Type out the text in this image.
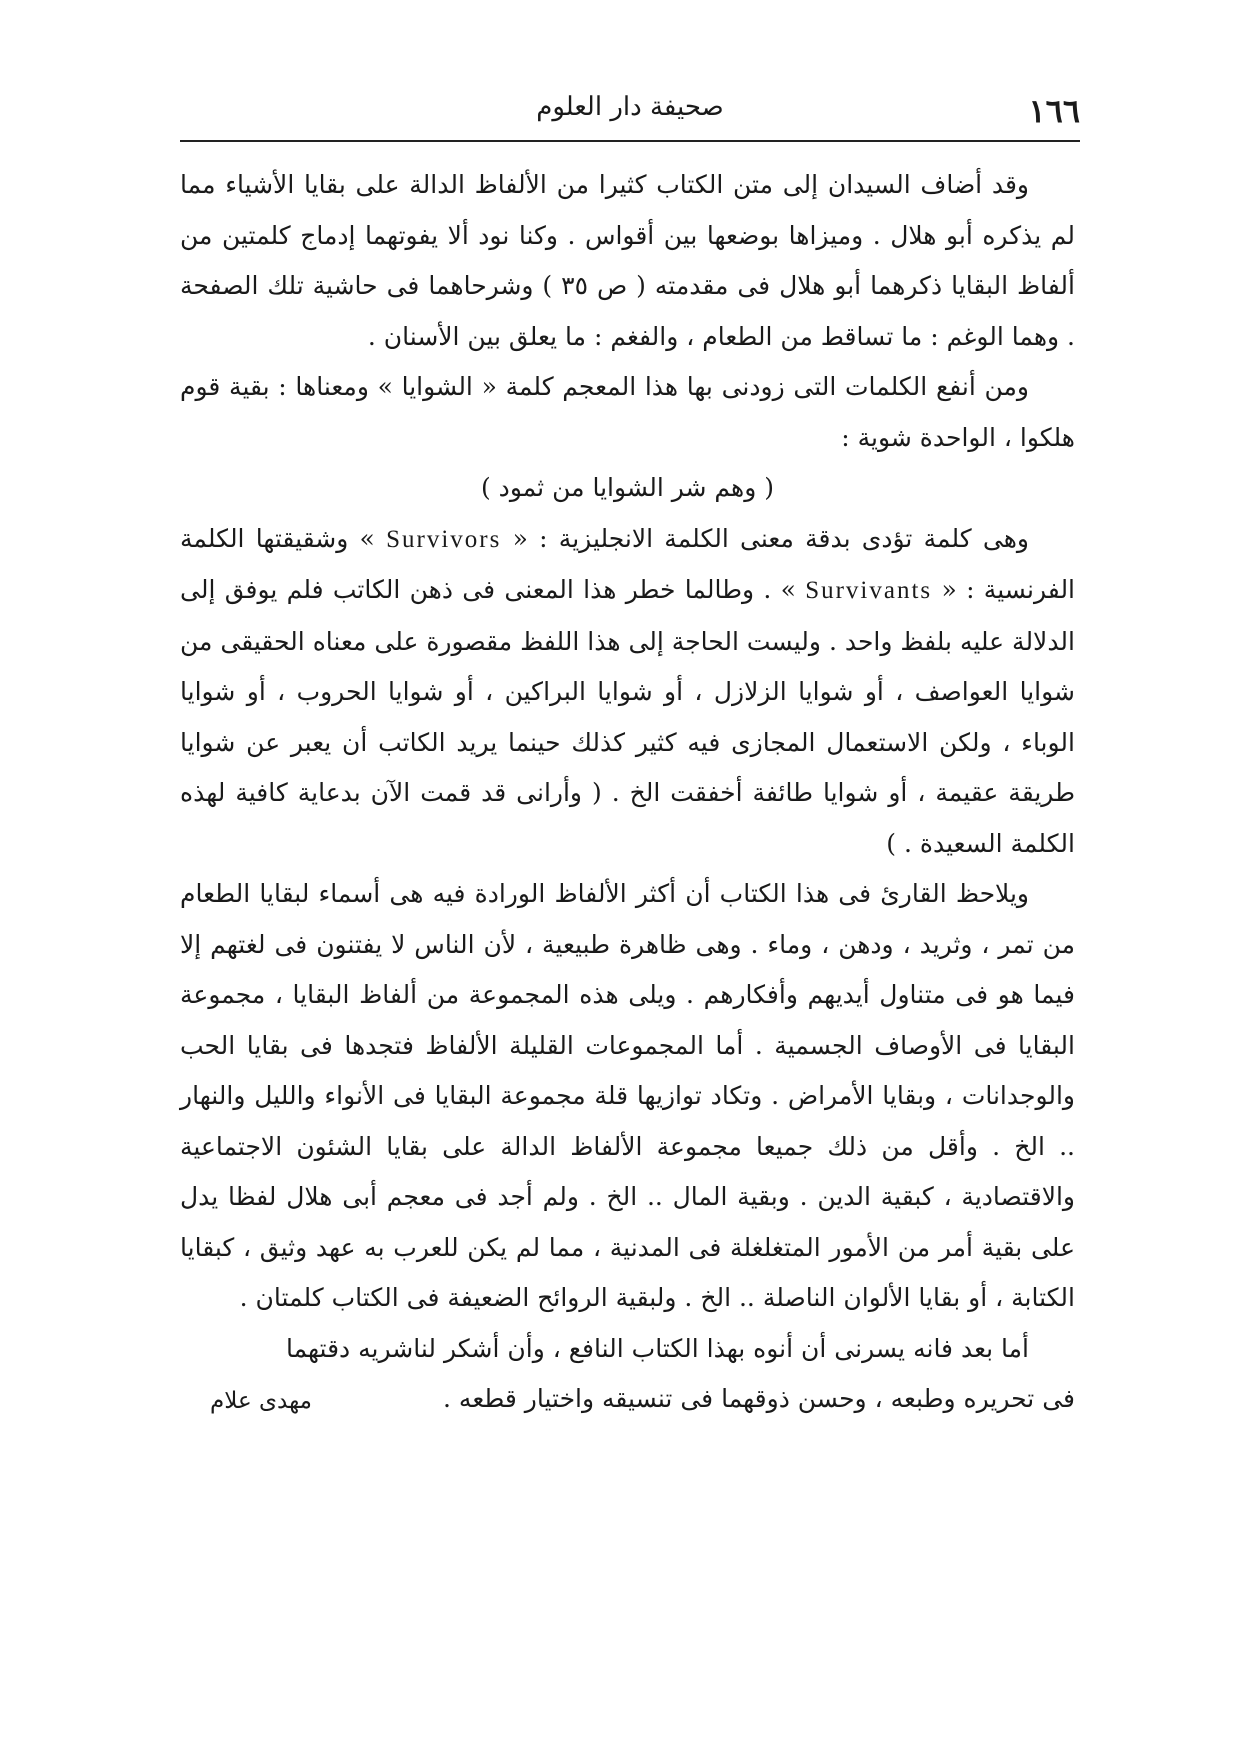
١٦٦
صحيفة دار العلوم

وقد أضاف السيدان إلى متن الكتاب كثيرا من الألفاظ الدالة على بقايا الأشياء مما لم يذكره أبو هلال . وميزاها بوضعها بين أقواس . وكنا نود ألا يفوتهما إدماج كلمتين من ألفاظ البقايا ذكرهما أبو هلال فى مقدمته ( ص ٣٥ ) وشرحاهما فى حاشية تلك الصفحة . وهما الوغم : ما تساقط من الطعام ، والفغم : ما يعلق بين الأسنان .

ومن أنفع الكلمات التى زودنى بها هذا المعجم كلمة « الشوايا » ومعناها : بقية قوم هلكوا ، الواحدة شوية :

( وهم شر الشوايا من ثمود )

وهى كلمة تؤدى بدقة معنى الكلمة الانجليزية : « Survivors » وشقيقتها الكلمة الفرنسية : « Survivants » . وطالما خطر هذا المعنى فى ذهن الكاتب فلم يوفق إلى الدلالة عليه بلفظ واحد . وليست الحاجة إلى هذا اللفظ مقصورة على معناه الحقيقى من شوايا العواصف ، أو شوايا الزلازل ، أو شوايا البراكين ، أو شوايا الحروب ، أو شوايا الوباء ، ولكن الاستعمال المجازى فيه كثير كذلك حينما يريد الكاتب أن يعبر عن شوايا طريقة عقيمة ، أو شوايا طائفة أخفقت الخ . ( وأرانى قد قمت الآن بدعاية كافية لهذه الكلمة السعيدة . )

ويلاحظ القارئ فى هذا الكتاب أن أكثر الألفاظ الورادة فيه هى أسماء لبقايا الطعام من تمر ، وثريد ، ودهن ، وماء . وهى ظاهرة طبيعية ، لأن الناس لا يفتنون فى لغتهم إلا فيما هو فى متناول أيديهم وأفكارهم . ويلى هذه المجموعة من ألفاظ البقايا ، مجموعة البقايا فى الأوصاف الجسمية . أما المجموعات القليلة الألفاظ فتجدها فى بقايا الحب والوجدانات ، وبقايا الأمراض . وتكاد توازيها قلة مجموعة البقايا فى الأنواء والليل والنهار .. الخ . وأقل من ذلك جميعا مجموعة الألفاظ الدالة على بقايا الشئون الاجتماعية والاقتصادية ، كبقية الدين . وبقية المال .. الخ . ولم أجد فى معجم أبى هلال لفظا يدل على بقية أمر من الأمور المتغلغلة فى المدنية ، مما لم يكن للعرب به عهد وثيق ، كبقايا الكتابة ، أو بقايا الألوان الناصلة .. الخ . ولبقية الروائح الضعيفة فى الكتاب كلمتان .

أما بعد فانه يسرنى أن أنوه بهذا الكتاب النافع ، وأن أشكر لناشريه دقتهما

فى تحريره وطبعه ، وحسن ذوقهما فى تنسيقه واختيار قطعه .
مهدى علام
